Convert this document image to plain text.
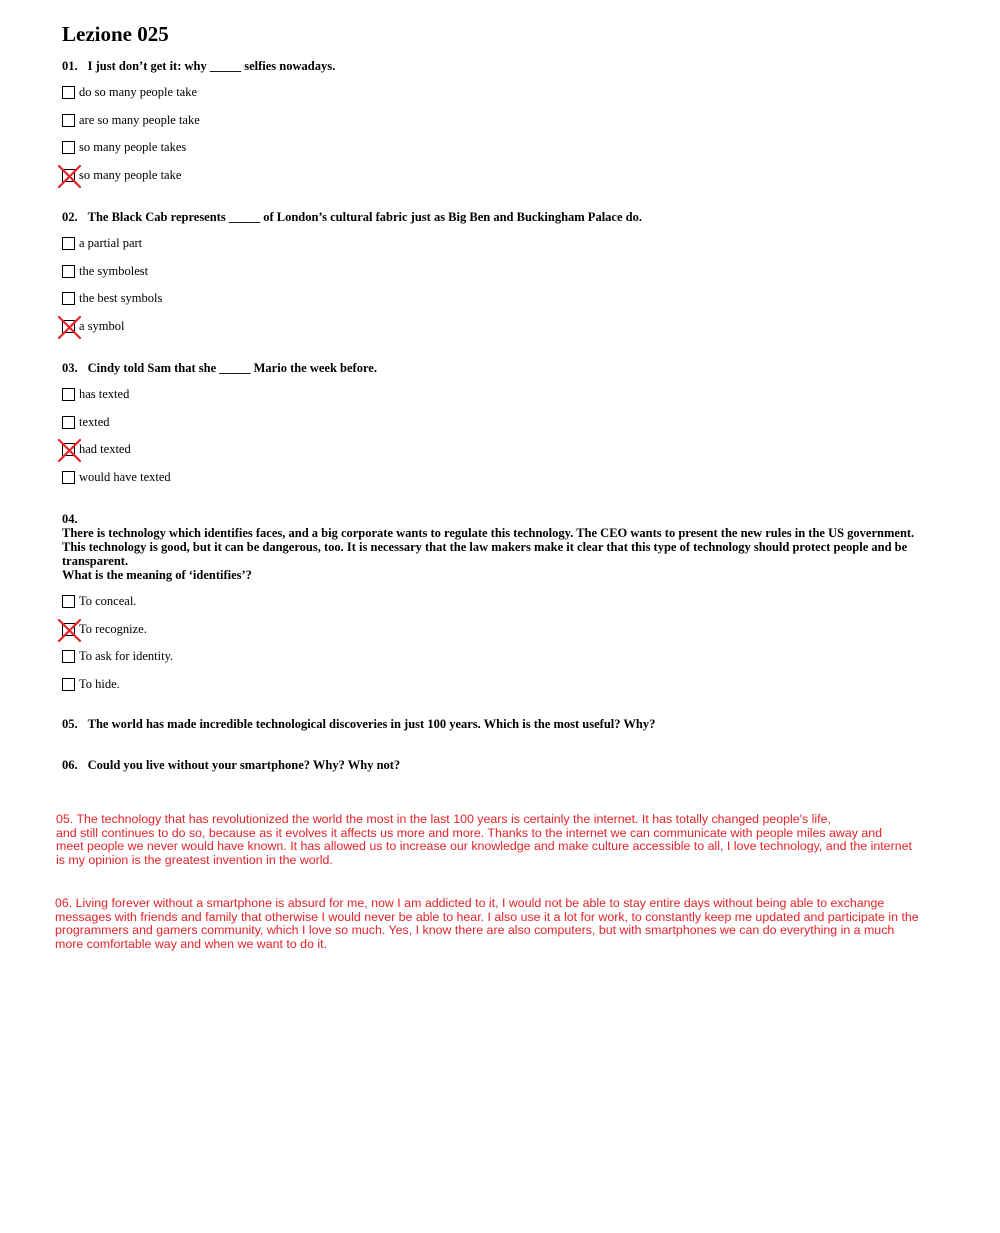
Lezione 025
01. I just don’t get it: why _____ selfies nowadays.
do so many people take
are so many people take
so many people takes
so many people take
02. The Black Cab represents _____ of London’s cultural fabric just as Big Ben and Buckingham Palace do.
a partial part
the symbolest
the best symbols
a symbol
03. Cindy told Sam that she _____ Mario the week before.
has texted
texted
had texted
would have texted
04.
There is technology which identifies faces, and a big corporate wants to regulate this technology. The CEO wants to present the new rules in the US government.
This technology is good, but it can be dangerous, too. It is necessary that the law makers make it clear that this type of technology should protect people and be transparent.
What is the meaning of ‘identifies’?
To conceal.
To recognize.
To ask for identity.
To hide.
05. The world has made incredible technological discoveries in just 100 years. Which is the most useful? Why?
06. Could you live without your smartphone? Why? Why not?
05. The technology that has revolutionized the world the most in the last 100 years is certainly the internet. It has totally changed people's life,
and still continues to do so, because as it evolves it affects us more and more. Thanks to the internet we can communicate with people miles away and
meet people we never would have known. It has allowed us to increase our knowledge and make culture accessible to all, I love technology, and the internet
is my opinion is the greatest invention in the world.
06. Living forever without a smartphone is absurd for me, now I am addicted to it, I would not be able to stay entire days without being able to exchange
messages with friends and family that otherwise I would never be able to hear. I also use it a lot for work, to constantly keep me updated and participate in the
programmers and gamers community, which I love so much. Yes, I know there are also computers, but with smartphones we can do everything in a much
more comfortable way and when we want to do it.
